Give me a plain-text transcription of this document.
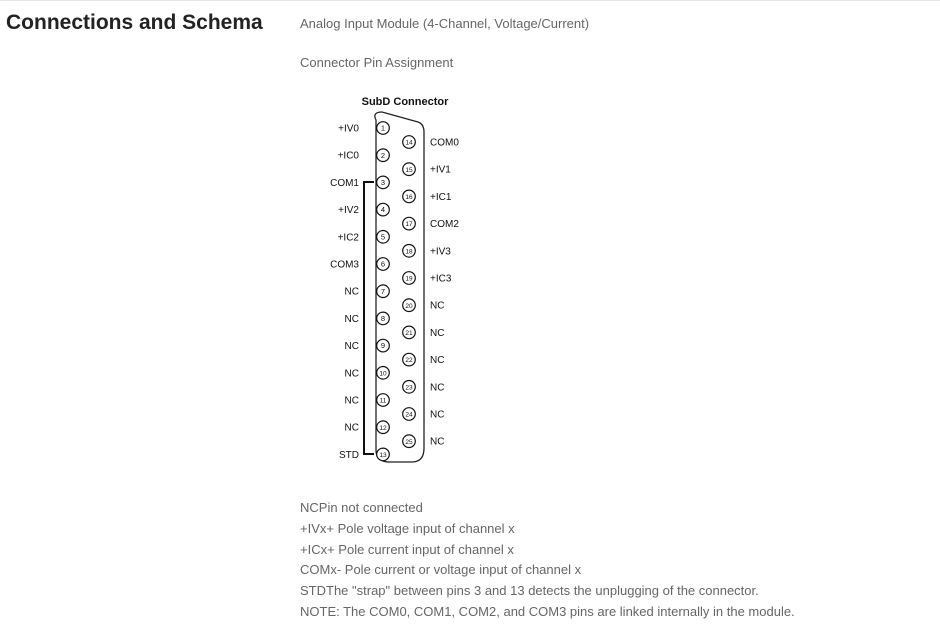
Connections and Schema	Analog Input Module (4-Channel, Voltage/Current)
Connector Pin Assignment
SubD Connector
1
+IV0
2
+IC0
3
COM1
4
+IV2
5
+IC2
6
COM3
7
NC
8
NC
9
NC
10
NC
11
NC
12
NC
13
STD
14 COM0
15 +IV1
16 +IC1
17 COM2
18 +IV3
19 +IC3
20 NC
21 NC
22 NC
23 NC
24 NC
25 NC
NCPin not connected
+IVx+ Pole voltage input of channel x
+ICx+ Pole current input of channel x
COMx- Pole current or voltage input of channel x
STDThe "strap" between pins 3 and 13 detects the unplugging of the connector.
NOTE: The COM0, COM1, COM2, and COM3 pins are linked internally in the module.
